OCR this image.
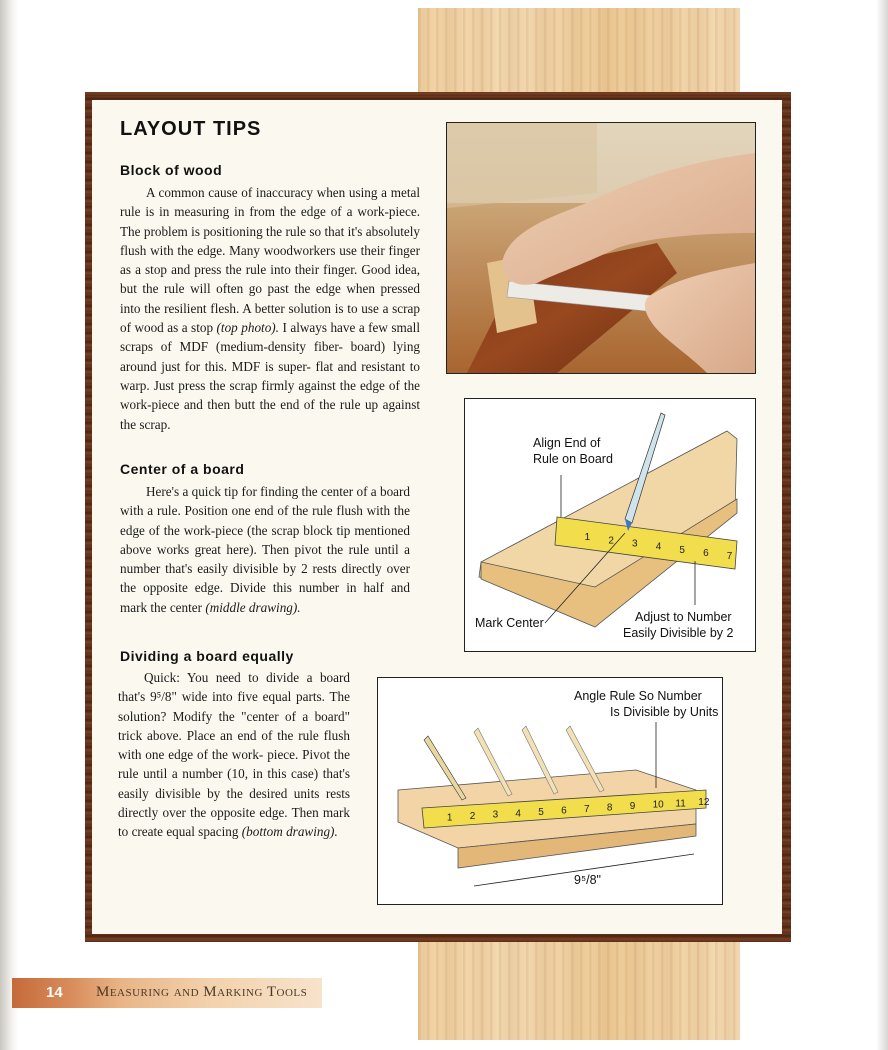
LAYOUT TIPS
Block of wood
A common cause of inaccuracy when using a metal rule is in measuring in from the edge of a work-piece. The problem is positioning the rule so that it's absolutely flush with the edge. Many woodworkers use their finger as a stop and press the rule into their finger. Good idea, but the rule will often go past the edge when pressed into the resilient flesh. A better solution is to use a scrap of wood as a stop (top photo). I always have a few small scraps of MDF (medium-density fiber- board) lying around just for this. MDF is super- flat and resistant to warp. Just press the scrap firmly against the edge of the work-piece and then butt the end of the rule up against the scrap.
Center of a board
Here's a quick tip for finding the center of a board with a rule. Position one end of the rule flush with the edge of the work-piece (the scrap block tip mentioned above works great here). Then pivot the rule until a number that's easily divisible by 2 rests directly over the opposite edge. Divide this number in half and mark the center (middle drawing).
Dividing a board equally
Quick: You need to divide a board that's 9⁵/8" wide into five equal parts. The solution? Modify the "center of a board" trick above. Place an end of the rule flush with one edge of the work- piece. Pivot the rule until a number (10, in this case) that's easily divisible by the desired units rests directly over the opposite edge. Then mark to create equal spacing (bottom drawing).
1 2 3 4 5 6 7
Align End of
Rule on Board
Mark Center	Adjust to Number
Easily Divisible by 2
1 2 3 4 5 6 7 8 9 10 11 12
Angle Rule So Number
Is Divisible by Units
9⁵/8"
14 Measuring and Marking Tools
